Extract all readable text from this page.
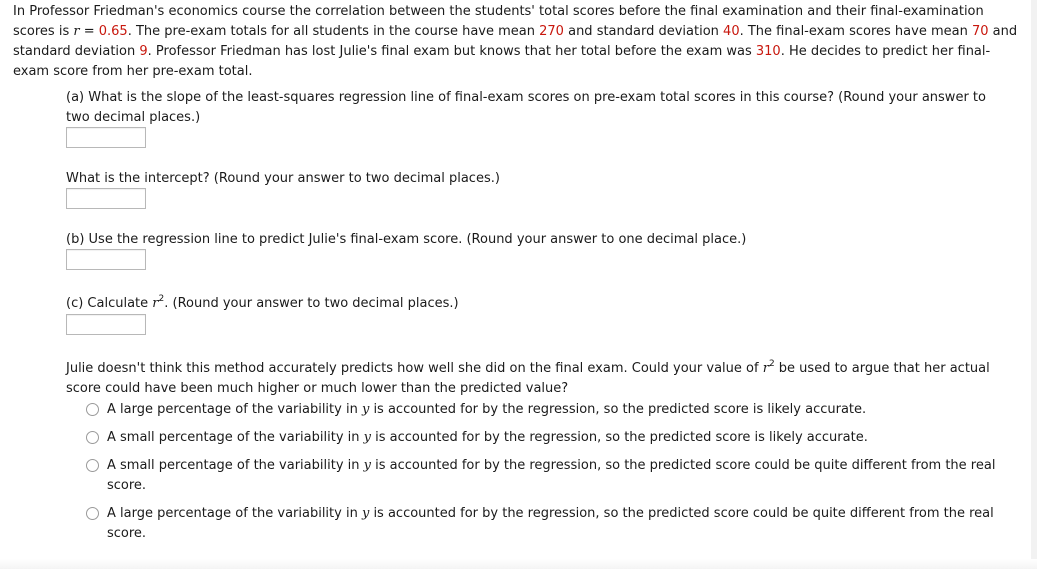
In Professor Friedman's economics course the correlation between the students' total scores before the final examination and their final-examination scores is r = 0.65. The pre-exam totals for all students in the course have mean 270 and standard deviation 40. The final-exam scores have mean 70 and standard deviation 9. Professor Friedman has lost Julie's final exam but knows that her total before the exam was 310. He decides to predict her final-exam score from her pre-exam total.
(a) What is the slope of the least-squares regression line of final-exam scores on pre-exam total scores in this course? (Round your answer to two decimal places.)
What is the intercept? (Round your answer to two decimal places.)
(b) Use the regression line to predict Julie's final-exam score. (Round your answer to one decimal place.)
(c) Calculate $r^2$. (Round your answer to two decimal places.)
Julie doesn't think this method accurately predicts how well she did on the final exam. Could your value of $r^2$ be used to argue that her actual score could have been much higher or much lower than the predicted value?
A large percentage of the variability in y is accounted for by the regression, so the predicted score is likely accurate.
A small percentage of the variability in y is accounted for by the regression, so the predicted score is likely accurate.
A small percentage of the variability in y is accounted for by the regression, so the predicted score could be quite different from the real score.
A large percentage of the variability in y is accounted for by the regression, so the predicted score could be quite different from the real score.
